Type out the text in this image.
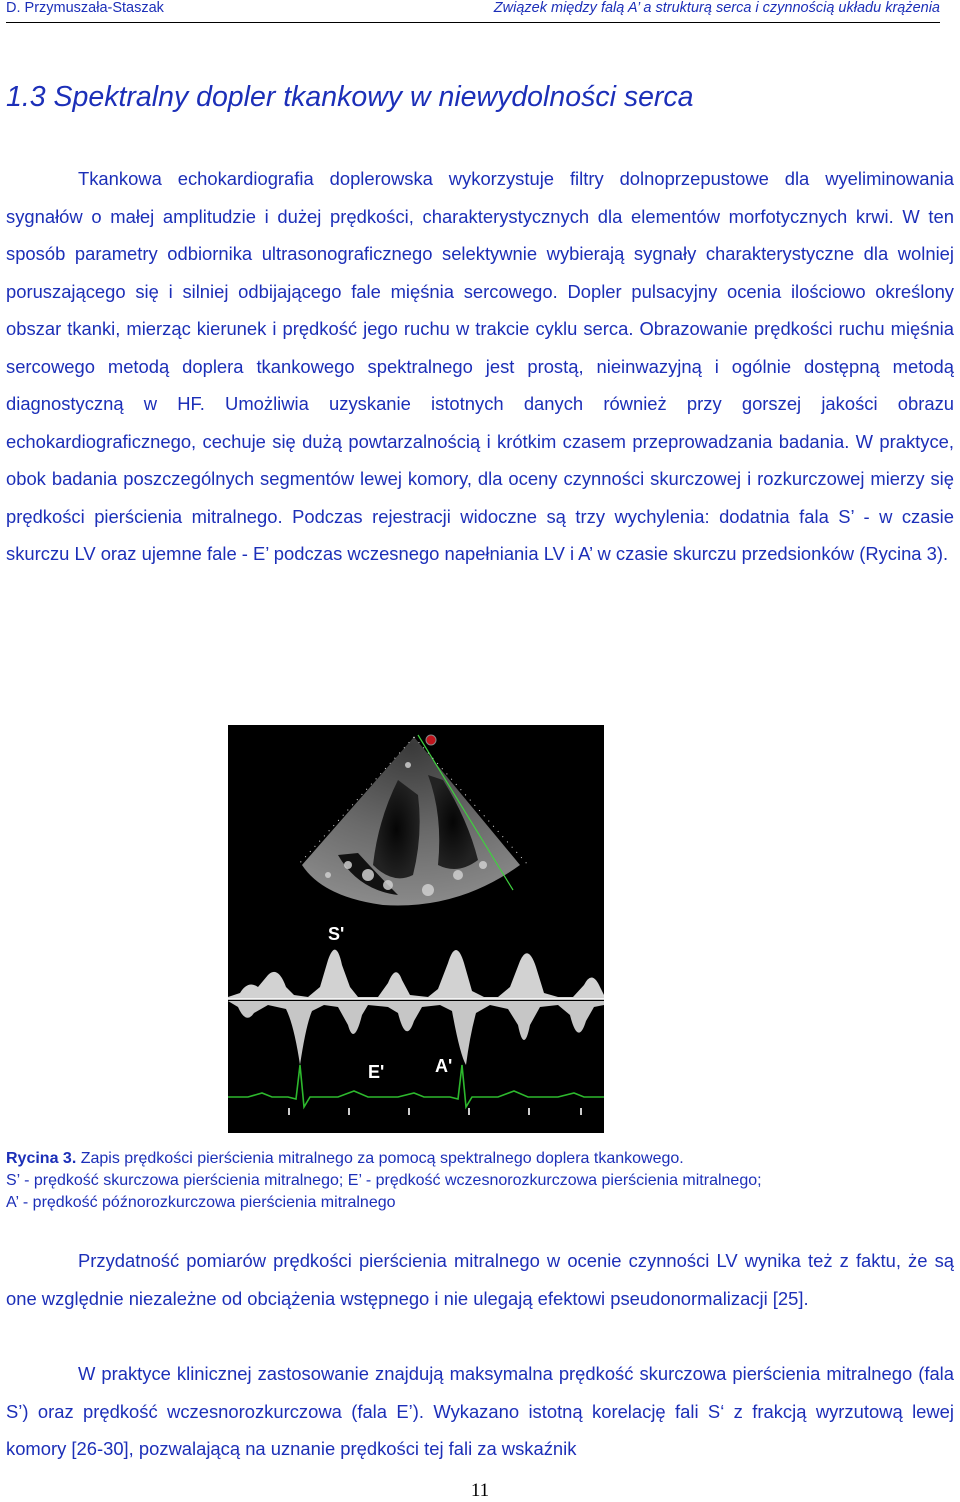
D. Przymuszała-Staszak	Związek między falą A’ a strukturą serca i czynnością układu krążenia
1.3 Spektralny dopler tkankowy w niewydolności serca

Tkankowa echokardiografia doplerowska wykorzystuje filtry dolnoprzepustowe dla wyeliminowania sygnałów o małej amplitudzie i dużej prędkości, charakterystycznych dla elementów morfotycznych krwi. W ten sposób parametry odbiornika ultrasonograficznego selektywnie wybierają sygnały charakterystyczne dla wolniej poruszającego się i silniej odbijającego fale mięśnia sercowego. Dopler pulsacyjny ocenia ilościowo określony obszar tkanki, mierząc kierunek i prędkość jego ruchu w trakcie cyklu serca. Obrazowanie prędkości ruchu mięśnia sercowego metodą doplera tkankowego spektralnego jest prostą, nieinwazyjną i ogólnie dostępną metodą diagnostyczną w HF. Umożliwia uzyskanie istotnych danych również przy gorszej jakości obrazu echokardiograficznego, cechuje się dużą powtarzalnością i krótkim czasem przeprowadzania badania. W praktyce, obok badania poszczególnych segmentów lewej komory, dla oceny czynności skurczowej i rozkurczowej mierzy się prędkości pierścienia mitralnego. Podczas rejestracji widoczne są trzy wychylenia: dodatnia fala S’ - w czasie skurczu LV oraz ujemne fale - E’ podczas wczesnego napełniania LV i A’ w czasie skurczu przedsionków (Rycina 3).

S'
E'	A'

Rycina 3. Zapis prędkości pierścienia mitralnego za pomocą spektralnego doplera tkankowego.
S’ - prędkość skurczowa pierścienia mitralnego; E’ - prędkość wczesnorozkurczowa pierścienia mitralnego;
A’ - prędkość późnorozkurczowa pierścienia mitralnego

Przydatność pomiarów prędkości pierścienia mitralnego w ocenie czynności LV wynika też z faktu, że są one względnie niezależne od obciążenia wstępnego i nie ulegają efektowi pseudonormalizacji [25].

W praktyce klinicznej zastosowanie znajdują maksymalna prędkość skurczowa pierścienia mitralnego (fala S’) oraz prędkość wczesnorozkurczowa (fala E’). Wykazano istotną korelację fali S‘ z frakcją wyrzutową lewej komory [26-30], pozwalającą na uznanie prędkości tej fali za wskaźnik

11
